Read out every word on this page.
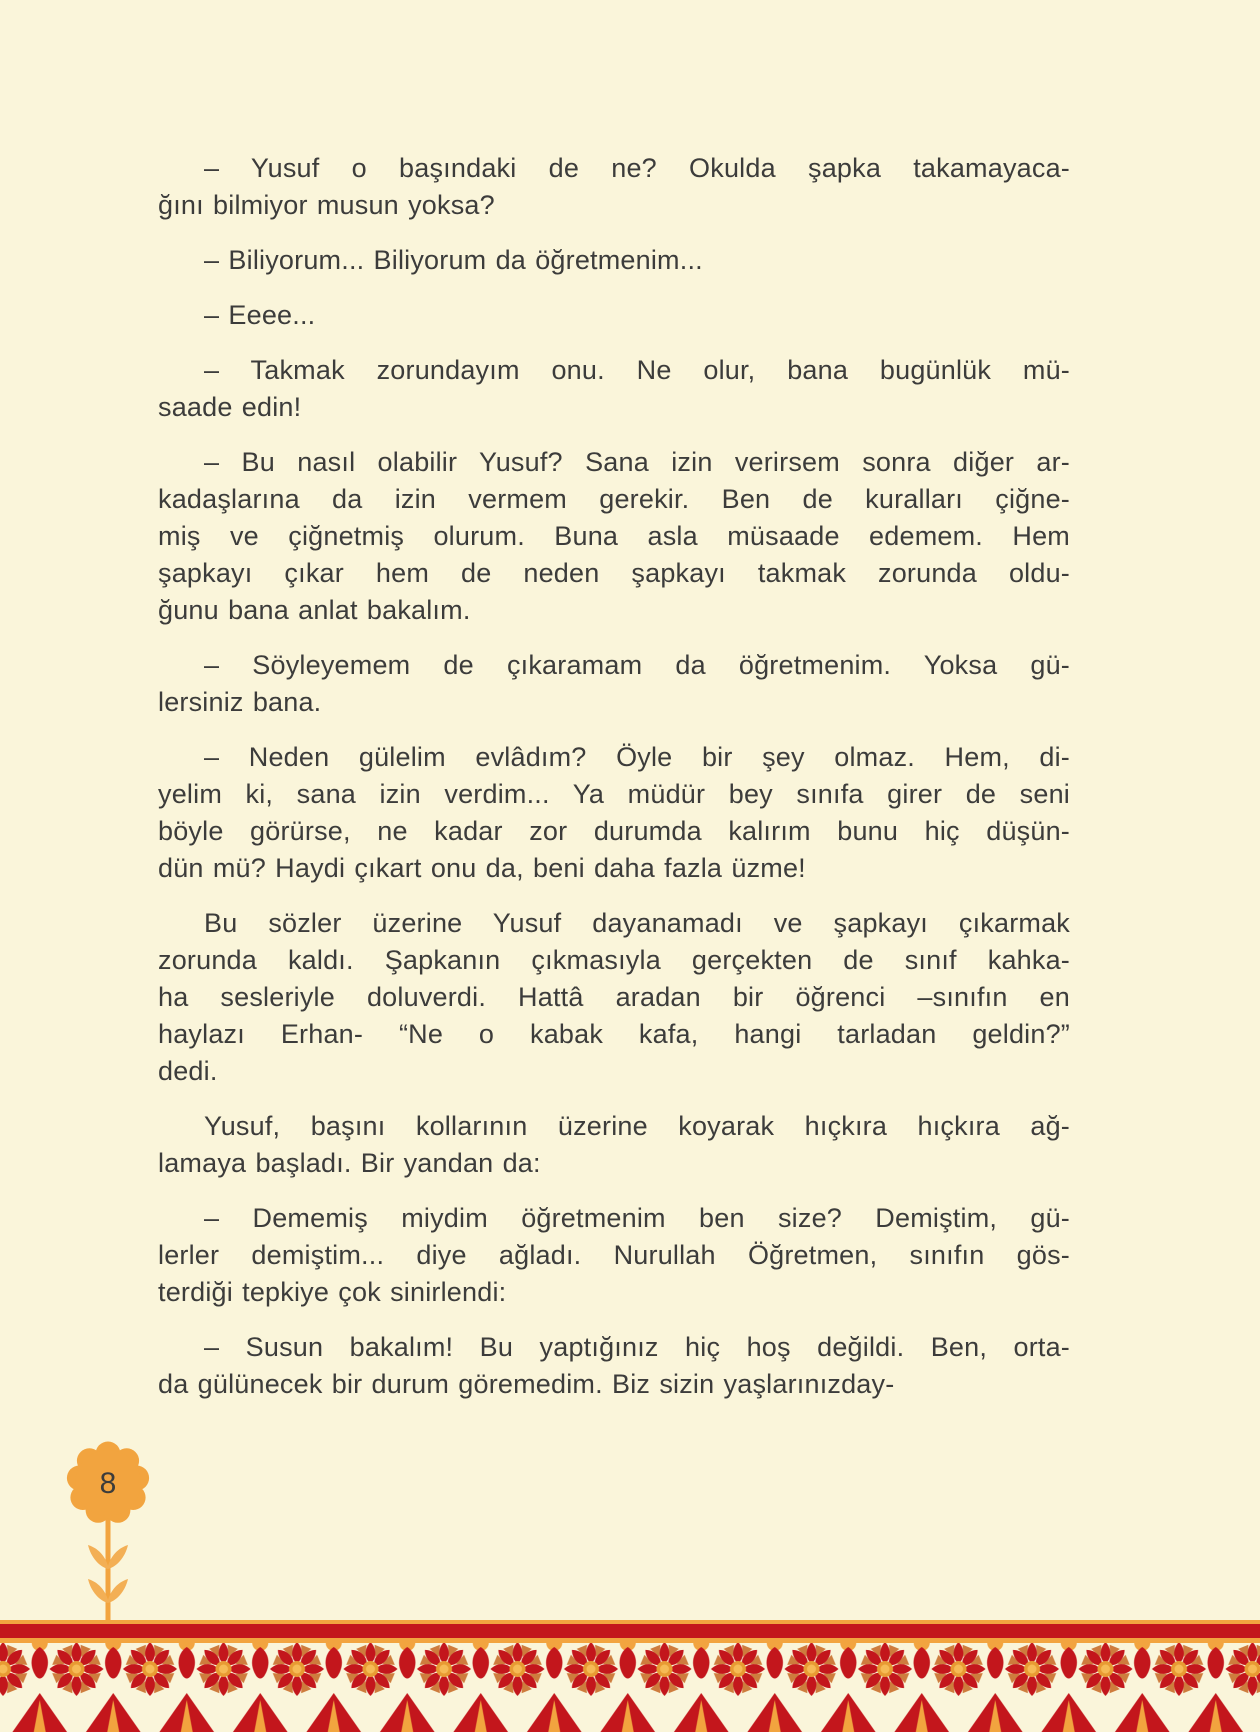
– Yusuf o başındaki de ne? Okulda şapka takamayaca-
ğını bilmiyor musun yoksa?
– Biliyorum... Biliyorum da öğretmenim...
– Eeee...
– Takmak zorundayım onu. Ne olur, bana bugünlük mü-
saade edin!
– Bu nasıl olabilir Yusuf? Sana izin verirsem sonra diğer ar-
kadaşlarına da izin vermem gerekir. Ben de kuralları çiğne-
miş ve çiğnetmiş olurum. Buna asla müsaade edemem. Hem
şapkayı çıkar hem de neden şapkayı takmak zorunda oldu-
ğunu bana anlat bakalım.
– Söyleyemem de çıkaramam da öğretmenim. Yoksa gü-
lersiniz bana.
– Neden gülelim evlâdım? Öyle bir şey olmaz. Hem, di-
yelim ki, sana izin verdim... Ya müdür bey sınıfa girer de seni
böyle görürse, ne kadar zor durumda kalırım bunu hiç düşün-
dün mü? Haydi çıkart onu da, beni daha fazla üzme!
Bu sözler üzerine Yusuf dayanamadı ve şapkayı çıkarmak
zorunda kaldı. Şapkanın çıkmasıyla gerçekten de sınıf kahka-
ha sesleriyle doluverdi. Hattâ aradan bir öğrenci –sınıfın en
haylazı Erhan- “Ne o kabak kafa, hangi tarladan geldin?”
dedi.
Yusuf, başını kollarının üzerine koyarak hıçkıra hıçkıra ağ-
lamaya başladı. Bir yandan da:
– Dememiş miydim öğretmenim ben size? Demiştim, gü-
lerler demiştim... diye ağladı. Nurullah Öğretmen, sınıfın gös-
terdiği tepkiye çok sinirlendi:
– Susun bakalım! Bu yaptığınız hiç hoş değildi. Ben, orta-
da gülünecek bir durum göremedim. Biz sizin yaşlarınızday-
8
